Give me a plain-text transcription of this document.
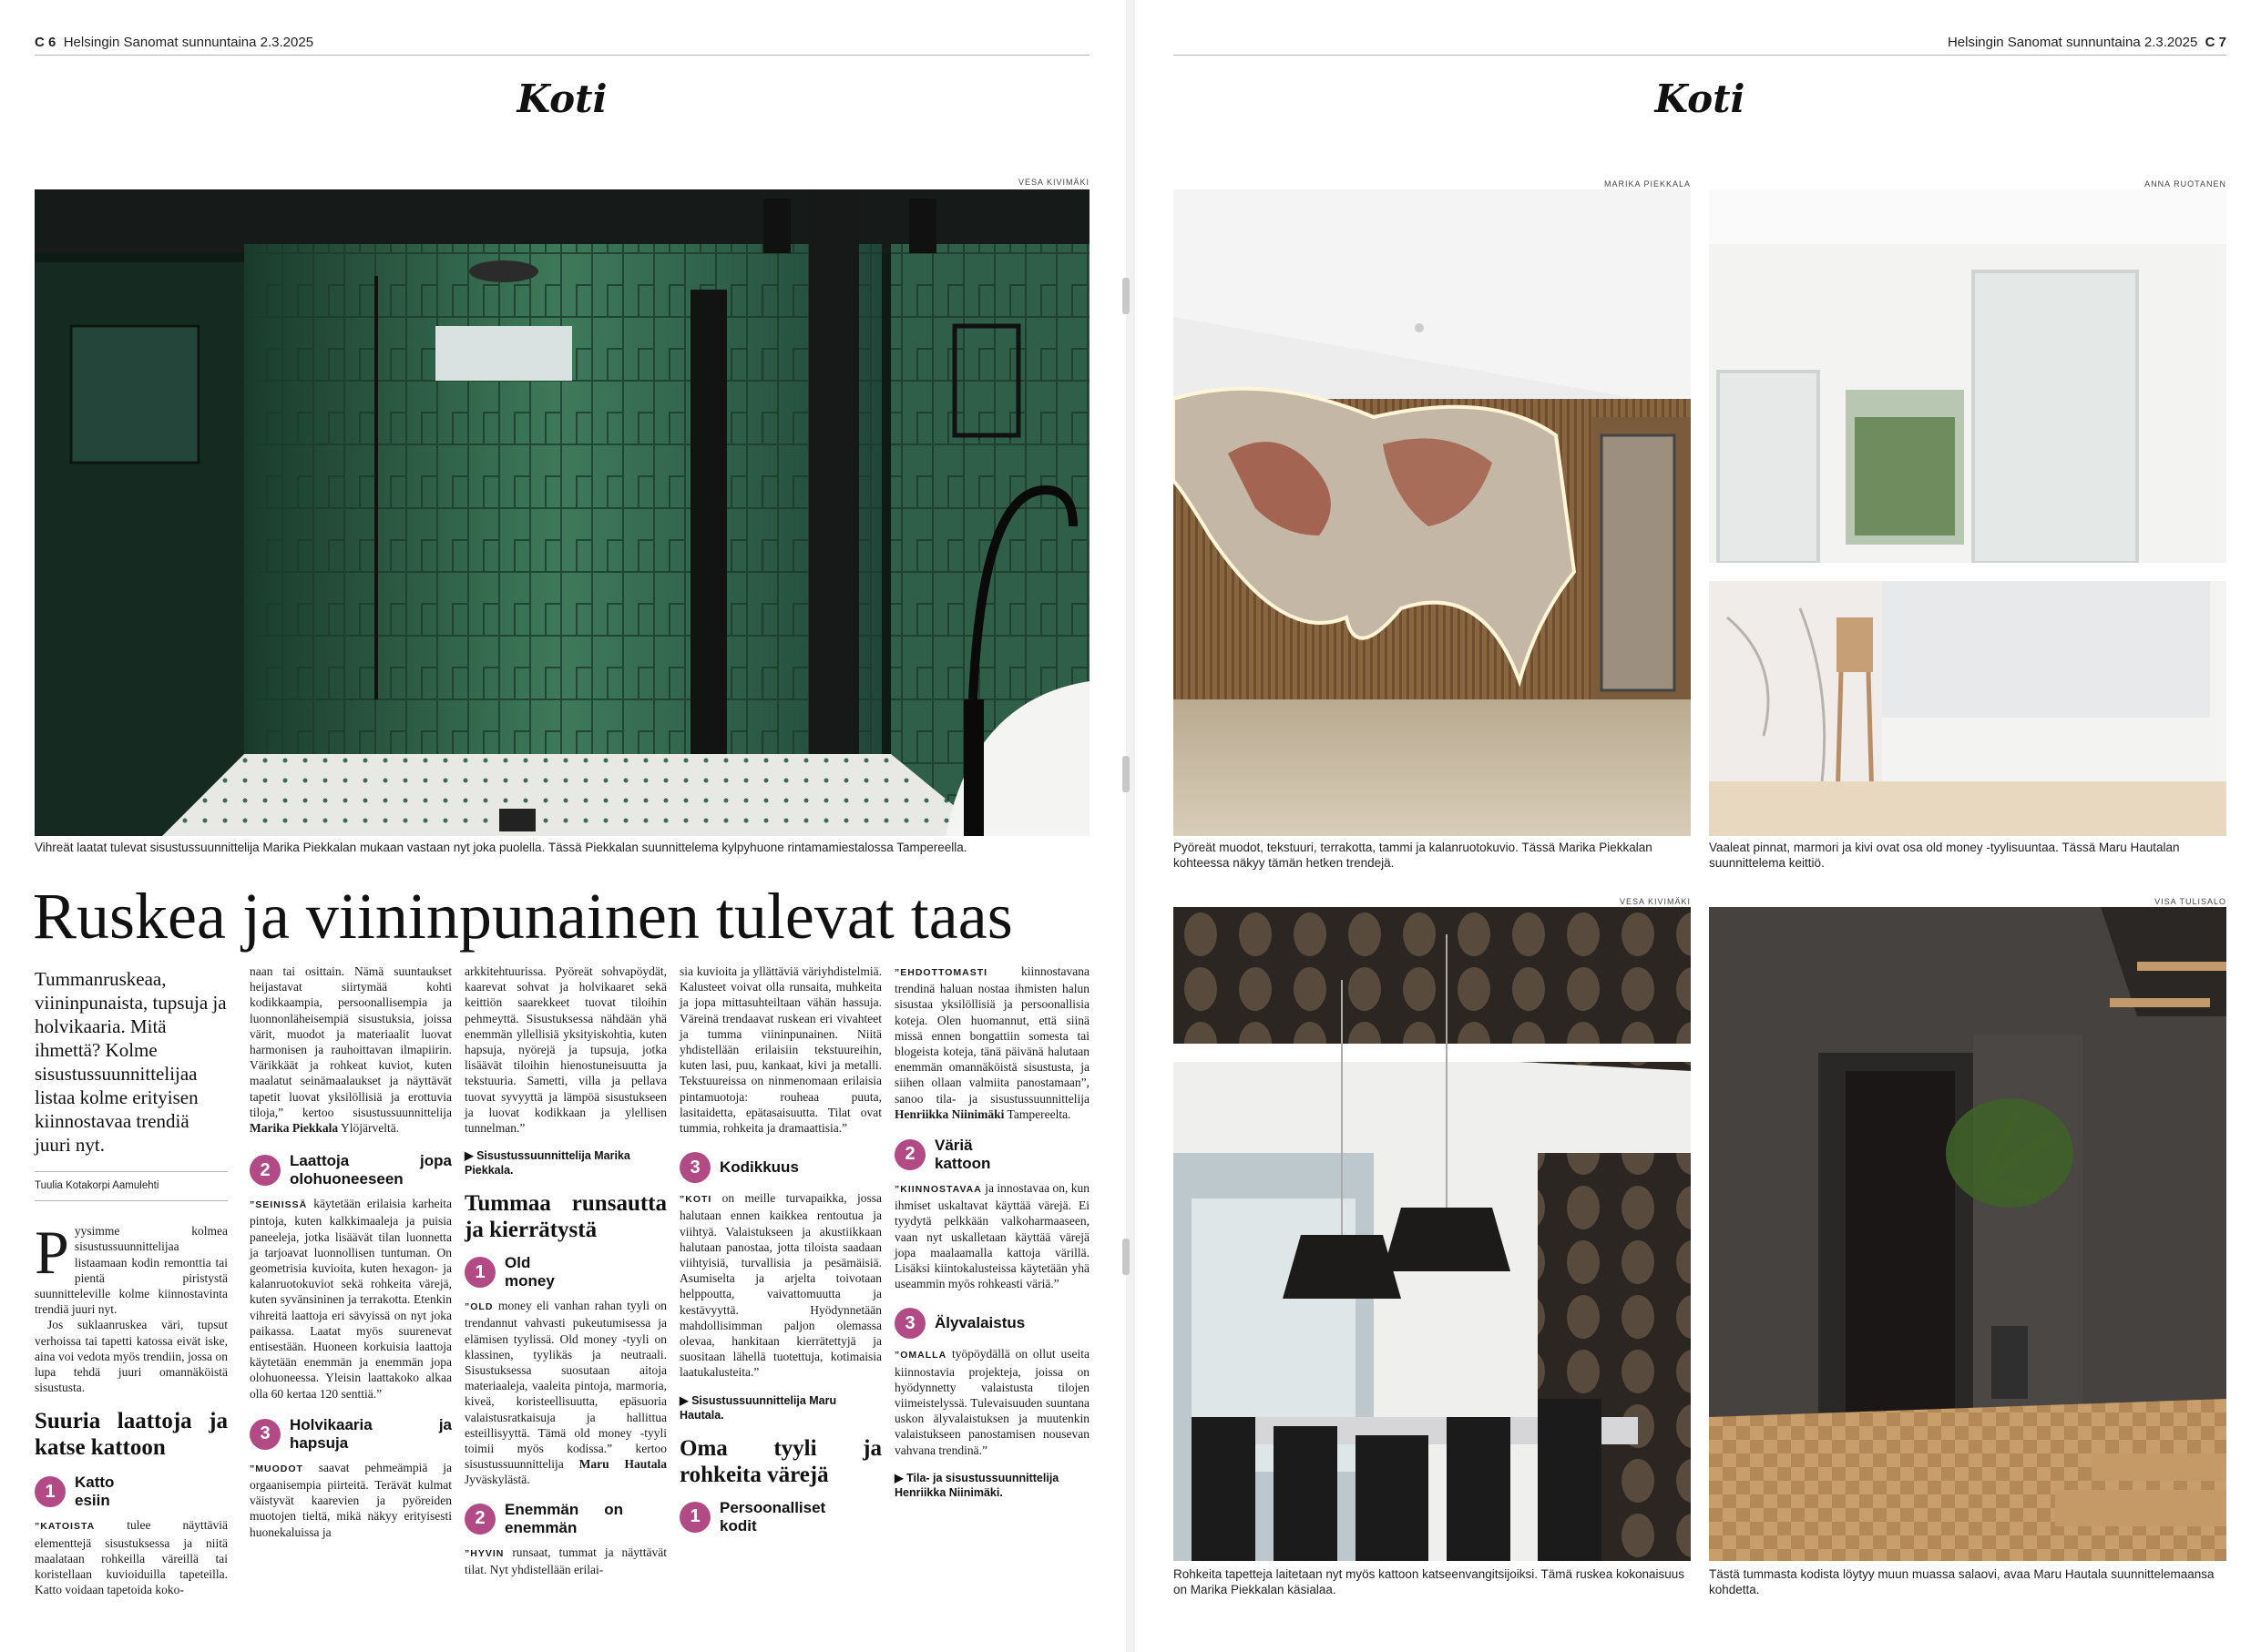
C 6 Helsingin Sanomat sunnuntaina 2.3.2025
Koti
VESA KIVIMÄKI
Vihreät laatat tulevat sisustussuunnittelija Marika Piekkalan mukaan vastaan nyt joka puolella. Tässä Piekkalan suunnittelema kylpyhuone rintamamiestalossa Tampereella.
Ruskea ja viininpunainen tulevat taas
Tummanruskeaa, viininpunaista, tupsuja ja holvikaaria. Mitä ihmettä? Kolme sisustussuunnittelijaa listaa kolme erityisen kiinnostavaa trendiä juuri nyt.
Tuulia Kotakorpi Aamulehti

Pyysimme kolmea sisustussuunnittelijaa listaamaan kodin remonttia tai pientä piristystä suunnitteleville kolme kiinnostavinta trendiä juuri nyt.

Jos suklaanruskea väri, tupsut verhoissa tai tapetti katossa eivät iske, aina voi vedota myös trendiin, jossa on lupa tehdä juuri omannäköistä sisustusta.

Suuria laattoja ja katse kattoon
1	Katto esiin

”KATOISTA	tulee näyttäviä elementtejä sisustuksessa ja niitä maalataan rohkeilla väreillä tai koristellaan kuvioiduilla tapeteilla. Katto voidaan tapetoida koko-

naan tai osittain. Nämä suuntaukset heijastavat siirtymää kohti kodikkaampia, persoonallisempia ja luonnonläheisempiä sisustuksia, joissa värit, muodot ja materiaalit luovat harmonisen ja rauhoittavan ilmapiirin. Värikkäät ja rohkeat kuviot, kuten maalatut seinämaalaukset ja näyttävät tapetit luovat yksilöllisiä ja erottuvia tiloja,” kertoo sisustussuunnittelija Marika Piekkala Ylöjärveltä.

2	Laattoja jopa olohuoneeseen

”SEINISSÄ käytetään erilaisia karheita pintoja, kuten kalkkimaaleja ja puisia paneeleja, jotka lisäävät tilan luonnetta ja tarjoavat luonnollisen tuntuman. On geometrisia kuvioita, kuten hexagon- ja kalanruotokuviot sekä rohkeita värejä, kuten syvänsininen ja terrakotta. Etenkin vihreitä laattoja eri sävyissä on nyt joka paikassa. Laatat myös suurenevat entisestään. Huoneen korkuisia laattoja käytetään enemmän ja enemmän jopa olohuoneessa. Yleisin laattakoko alkaa olla 60 kertaa 120 senttiä.”

3	Holvikaaria ja hapsuja

”MUODOT saavat pehmeämpiä ja orgaanisempia piirteitä. Terävät kulmat väistyvät kaarevien ja pyöreiden muotojen tieltä, mikä näkyy erityisesti huonekaluissa ja

arkkitehtuurissa. Pyöreät sohvapöydät, kaarevat sohvat ja holvikaaret sekä keittiön saarekkeet tuovat tiloihin pehmeyttä. Sisustuksessa nähdään yhä enemmän yllellisiä yksityiskohtia, kuten hapsuja, nyörejä ja tupsuja, jotka lisäävät tiloihin hienostuneisuutta ja tekstuuria. Sametti, villa ja pellava tuovat syvyyttä ja lämpöä sisustukseen ja luovat kodikkaan ja ylellisen tunnelman.”

▶ Sisustussuunnittelija Marika Piekkala.
Tummaa runsautta ja kierrätystä
1	Old money

”OLD money eli vanhan rahan tyyli on trendannut vahvasti pukeutumisessa ja elämisen tyylissä. Old money -tyyli on klassinen, tyylikäs ja neutraali. Sisustuksessa suosutaan aitoja materiaaleja, vaaleita pintoja, marmoria, kiveä, koristeellisuutta, epäsuoria valaistusratkaisuja ja hallittua esteillisyyttä. Tämä old money -tyyli toimii myös kodissa.” kertoo sisustussuunnittelija Maru Hautala Jyväskylästä.

2	Enemmän on enemmän

”HYVIN runsaat, tummat ja näyttävät tilat. Nyt yhdistellään erilai-

sia kuvioita ja yllättäviä väriyhdistelmiä. Kalusteet voivat olla runsaita, muhkeita ja jopa mittasuhteiltaan vähän hassuja. Väreinä trendaavat ruskean eri vivahteet ja tumma viininpunainen. Niitä yhdistellään erilaisiin tekstuureihin, kuten lasi, puu, kankaat, kivi ja metalli. Tekstuureissa on ninmenomaan erilaisia pintamuotoja: rouheaa puuta, lasitaidetta, epätasaisuutta. Tilat ovat tummia, rohkeita ja dramaattisia.”

3	Kodikkuus

”KOTI on meille turvapaikka, jossa halutaan ennen kaikkea rentoutua ja viihtyä. Valaistukseen ja akustiikkaan halutaan panostaa, jotta tiloista saadaan viihtyisiä, turvallisia ja pesämäisiä. Asumiselta ja arjelta toivotaan helppoutta, vaivattomuutta ja kestävyyttä. Hyödynnetään mahdollisimman paljon olemassa olevaa, hankitaan kierrätettyjä ja suositaan lähellä tuotettuja, kotimaisia laatukalusteita.”

▶ Sisustussuunnittelija Maru Hautala.
Oma tyyli ja rohkeita värejä
1	Persoonalliset kodit

”EHDOTTOMASTI	kiinnostavana trendinä haluan nostaa ihmisten halun sisustaa yksilöllisiä ja persoonallisia koteja. Olen huomannut, että siinä missä ennen bongattiin somesta tai blogeista koteja, tänä päivänä halutaan enemmän omannäköistä sisustusta, ja siihen ollaan valmiita panostamaan”, sanoo tila- ja sisustussuunnittelija Henriikka Niinimäki Tampereelta.

2	Väriä kattoon

”KIINNOSTAVAA ja innostavaa on, kun ihmiset uskaltavat käyttää värejä. Ei tyydytä pelkkään valkoharmaaseen, vaan nyt uskalletaan käyttää värejä jopa maalaamalla kattoja värillä. Lisäksi kiintokalusteissa käytetään yhä useammin myös rohkeasti väriä.”

3	Älyvalaistus

”OMALLA työpöydällä on ollut useita kiinnostavia projekteja, joissa on hyödynnetty valaistusta tilojen viimeistelyssä. Tulevaisuuden suuntana uskon älyvalaistuksen ja muutenkin valaistukseen panostamisen nousevan vahvana trendinä.”

▶ Tila- ja sisustussuunnittelija Henriikka Niinimäki.
Helsingin Sanomat sunnuntaina 2.3.2025 C 7
Koti
MARIKA PIEKKALA
Pyöreät muodot, tekstuuri, terrakotta, tammi ja kalanruotokuvio. Tässä Marika Piekkalan kohteessa näkyy tämän hetken trendejä.
ANNA RUOTANEN
Vaaleat pinnat, marmori ja kivi ovat osa old money -tyylisuuntaa. Tässä Maru Hautalan suunnittelema keittiö.
VESA KIVIMÄKI
Rohkeita tapetteja laitetaan nyt myös kattoon katseenvangitsijoiksi. Tämä ruskea kokonaisuus on Marika Piekkalan käsialaa.
VISA TULISALO
Tästä tummasta kodista löytyy muun muassa salaovi, avaa Maru Hautala suunnittelemaansa kohdetta.
